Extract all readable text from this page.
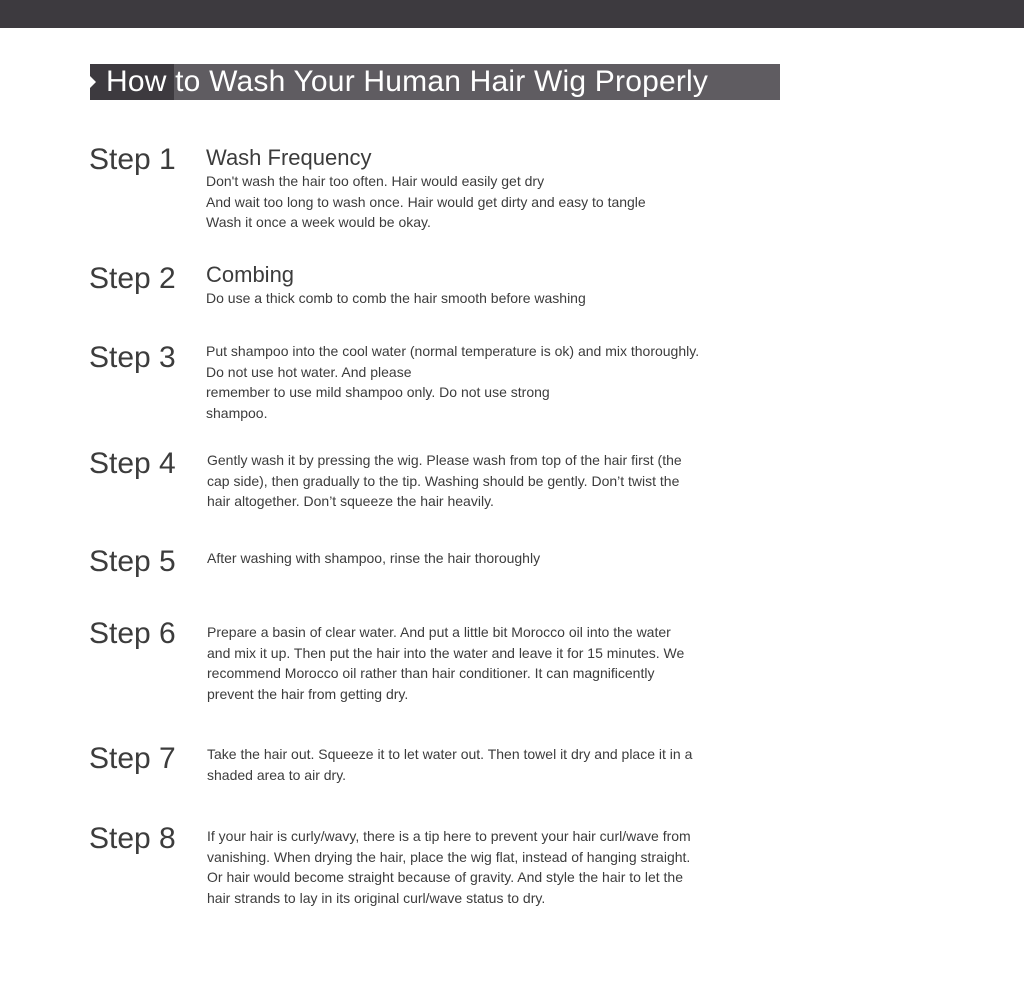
How to Wash Your Human Hair Wig Properly
Step 1 Wash Frequency
Don't wash the hair too often. Hair would easily get dry
And wait too long to wash once. Hair would get dirty and easy to tangle
Wash it once a week would be okay.
Step 2 Combing
Do use a thick comb to comb the hair smooth before washing
Step 3 Put shampoo into the cool water (normal temperature is ok) and mix thoroughly.
Do not use hot water. And please
remember to use mild shampoo only. Do not use strong
shampoo.
Step 4 Gently wash it by pressing the wig. Please wash from top of the hair first (the
cap side), then gradually to the tip. Washing should be gently. Don’t twist the
hair altogether. Don’t squeeze the hair heavily.
Step 5 After washing with shampoo, rinse the hair thoroughly
Step 6 Prepare a basin of clear water. And put a little bit Morocco oil into the water
and mix it up. Then put the hair into the water and leave it for 15 minutes. We
recommend Morocco oil rather than hair conditioner. It can magnificently
prevent the hair from getting dry.
Step 7 Take the hair out. Squeeze it to let water out. Then towel it dry and place it in a
shaded area to air dry.
Step 8 If your hair is curly/wavy, there is a tip here to prevent your hair curl/wave from
vanishing. When drying the hair, place the wig flat, instead of hanging straight.
Or hair would become straight because of gravity. And style the hair to let the
hair strands to lay in its original curl/wave status to dry.
